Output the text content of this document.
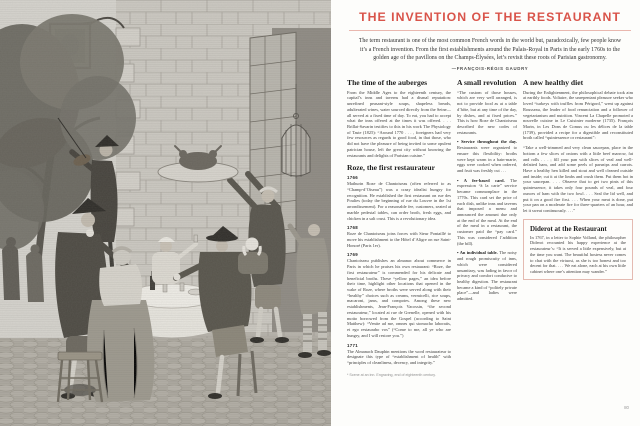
THE INVENTION OF THE RESTAURANT

The term restaurant is one of the most common French words in the world but, paradoxically, few people know it’s a French invention. From the first establishments around the Palais-Royal in Paris in the early 1760s to the golden age of the pavillons on the Champs-Élysées, let’s revisit these roots of Parisian gastronomy.

—FRANÇOIS-RÉGIS GAUDRY

The time of the auberges

From the Middle Ages to the eighteenth century, the capital’s inns and taverns had a dismal reputation: unrefined peasant-style soups, shapeless breads, adulterated wines, water sourced directly from the Seine—all served at a fixed time of day. To eat, you had to accept what the inns offered at the times it was offered. . . . Brillat-Savarin testifies to this in his work The Physiology of Taste (1825): “Around 1770 . . . , foreigners had very few resources as regards to good food, in that those, who did not have the pleasure of being invited to some opulent patrician house, left the great city without knowing the restaurants and delights of Parisian cuisine.”

Roze, the first restaurateur
1766

Mathurin Roze de Chantoiseau (often referred to as “Champ-d’Oiseau”) was a crazy idealist hungry for recognition. He established the first restaurant on rue des Poulies (today the beginning of rue du Louvre in the 1st arrondissement). For a reasonable fee, customers, seated at marble pedestal tables, can order broth, fresh eggs, and chicken in a salt crust. This is a revolutionary idea.

1768

Roze de Chantoiseau joins forces with Sieur Pontaillé to move his establishment to the Hôtel d’Aligre on rue Saint-Honoré (Paris 1er).

1769

Chantoiseau publishes an almanac about commerce in Paris in which he praises his own restaurant: “Roze, the first restaurateur” is commended for his delicate and beneficial broths. These “yellow pages,” an idea before their time, highlight other locations that opened in the wake of Roze, where broths were served along with their “healthy” choices such as creams, vermicelli, rice soups, macaroni, jams, and compotes. Among these new establishments, Jean-François Vacossin, “the second restaurateur,” located at rue de Grenelle, opened with his motto borrowed from the Gospel (according to Saint Matthew): “Venite ad me, omnes qui stomacho laboratis, et ego restaurabo vos” (“Come to me, all ye who are hungry, and I will restore you.”)

1771

The Almanach Dauphin mentions the word restaurateur to designate this type of “establishment of health” with “principles of cleanliness, decency, and integrity.”

* Scene at an inn. Engraving, end of eighteenth century.

A small revolution

“The custom of those houses, which are very well arranged, is not to provide food as at a table d’hôte, but at any time of the day, by dishes, and at fixed prices.” This is how Roze de Chantoiseau described the new codes of restaurants.

• Service throughout the day. Restaurants were organized to ensure this flexibility: broths were kept warm in a bain-marie, eggs were cooked when ordered, and fruit was freshly cut . . .

• A fee-based card. The expression “à la carte” service became commonplace in the 1770s. This card set the price of each dish, unlike inns and taverns that imposed a menu and announced the amount due only at the end of the meal. At the end of the meal in a restaurant, the customer paid the “pay card.” This was considered l’addition (the bill).

• An individual table. The noisy and rough promiscuity of inns, which were considered unsanitary, was fading in favor of privacy and comfort conducive to healthy digestion. The restaurant became a kind of “politely private place”—and ladies were admitted.

A new healthy diet

During the Enlightenment, the philosophical debate took aim at earthly foods. Voltaire, the unrepentant pleasure seeker who loved “turkeys with truffles from Périgord,” went up against Rousseau, the leader of food renunciation and a follower of vegetarianism and nutrition. Vincent La Chapelle promoted a nouvelle cuisine in Le Cuisinier moderne (1735). François Marin, in Les Dons de Comus ou les délices de la table (1739), provided a recipe for a digestible and reconstituted broth called “quintessence or restaurant”:

“Take a well-trimmed and very clean saucepan, place in the bottom a few slices of onions with a little beef marrow, fat and rolls . . . ; fill your pan with slices of veal and well-defatted ham, and add some peels of parsnips and carrots. Have a healthy hen killed and stout and well cleaned outside and inside; cut it at the limbs and crush them. Put them hot in your saucepan. . . . Observe that to get two pints of this quintessence, it takes only four pounds of veal, and four ounces of ham with the two fowl. . . . Seal the lid well, and put it on a good fire first. . . . When your meat is done, put your pan on a moderate fire for three-quarters of an hour, and let it sweat continuously. . . .”

Diderot at the Restaurant

In 1767, in a letter to Sophie Volland, the philosopher Diderot recounted his happy experience at the restaurateur’s: “It is served a little expensively, but at the time you want. The beautiful hostess never comes to chat with the virtuosi, as she is too honest and too decent for that. . . . We eat alone, each at his own little cabinet where one’s attention may wander.”

80
